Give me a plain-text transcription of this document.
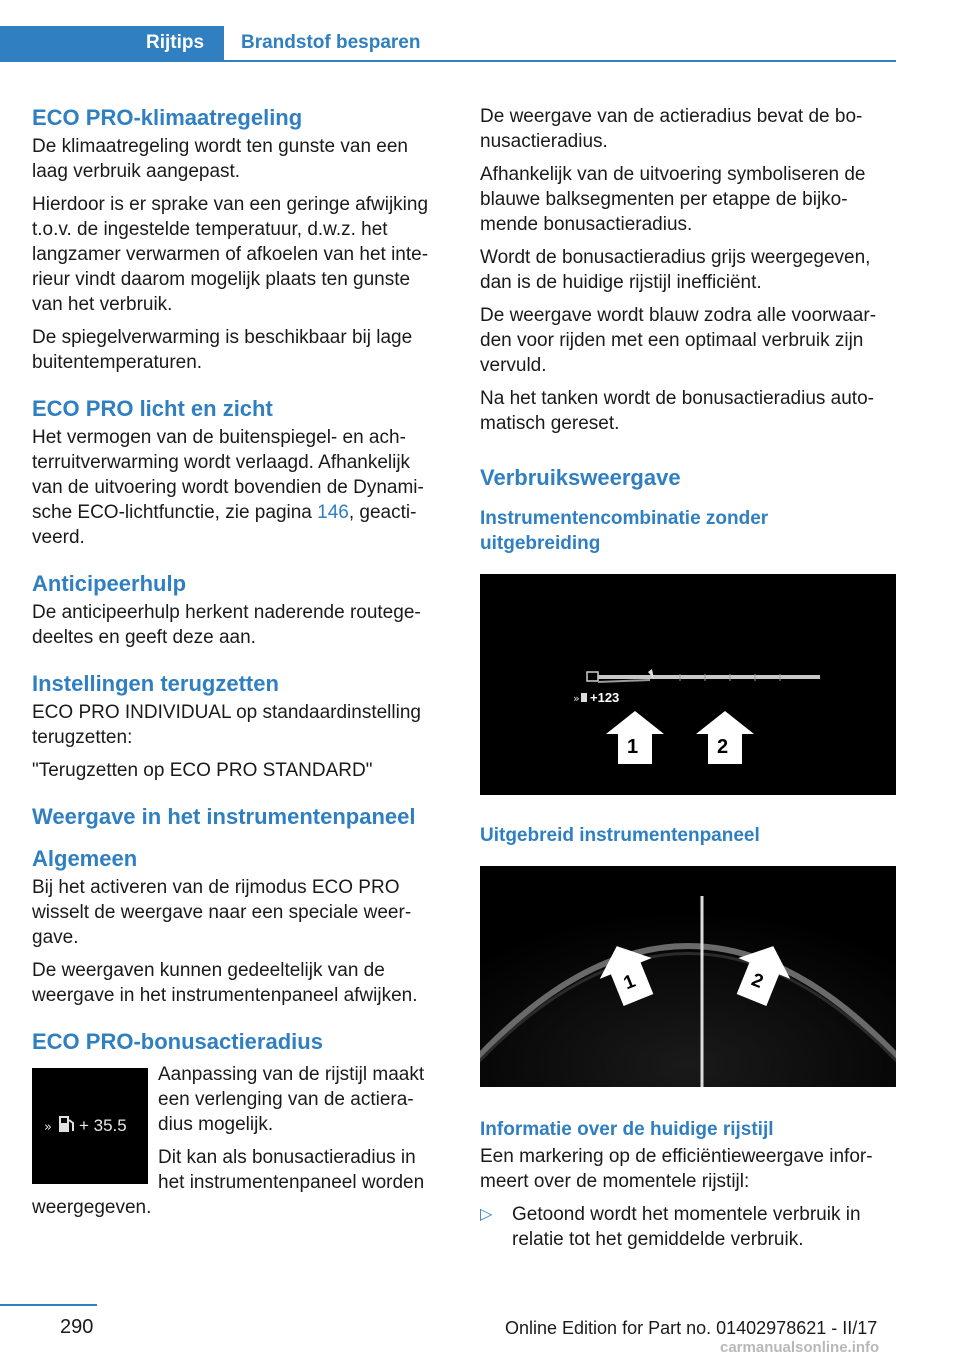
Rijtips	Brandstof besparen
ECO PRO-klimaatregeling
De klimaatregeling wordt ten gunste van een
laag verbruik aangepast.
Hierdoor is er sprake van een geringe afwijking
t.o.v. de ingestelde temperatuur, d.w.z. het
langzamer verwarmen of afkoelen van het inte‐
rieur vindt daarom mogelijk plaats ten gunste
van het verbruik.
De spiegelverwarming is beschikbaar bij lage
buitentemperaturen.
ECO PRO licht en zicht
Het vermogen van de buitenspiegel- en ach‐
terruitverwarming wordt verlaagd. Afhankelijk
van de uitvoering wordt bovendien de Dynami‐
sche ECO-lichtfunctie, zie pagina 146, geacti‐
veerd.
Anticipeerhulp
De anticipeerhulp herkent naderende routege‐
deeltes en geeft deze aan.
Instellingen terugzetten
ECO PRO INDIVIDUAL op standaardinstelling
terugzetten:
"Terugzetten op ECO PRO STANDARD"
Weergave in het instrumentenpaneel
Algemeen
Bij het activeren van de rijmodus ECO PRO
wisselt de weergave naar een speciale weer‐
gave.
De weergaven kunnen gedeeltelijk van de
weergave in het instrumentenpaneel afwijken.
ECO PRO-bonusactieradius
» + 35.5
Aanpassing van de rijstijl maakt
een verlenging van de actiera‐
dius mogelijk.
Dit kan als bonusactieradius in
het instrumentenpaneel worden
weergegeven.
De weergave van de actieradius bevat de bo‐
nusactieradius.
Afhankelijk van de uitvoering symboliseren de
blauwe balksegmenten per etappe de bijko‐
mende bonusactieradius.
Wordt de bonusactieradius grijs weergegeven,
dan is de huidige rijstijl inefficiënt.
De weergave wordt blauw zodra alle voorwaar‐
den voor rijden met een optimaal verbruik zijn
vervuld.
Na het tanken wordt de bonusactieradius auto‐
matisch gereset.
Verbruiksweergave
Instrumentencombinatie zonder
uitgebreiding
» +123
1	2
Uitgebreid instrumentenpaneel
1	2
Informatie over de huidige rijstijl
Een markering op de efficiëntieweergave infor‐
meert over de momentele rijstijl:
▷ Getoond wordt het momentele verbruik in
relatie tot het gemiddelde verbruik.
290	Online Edition for Part no. 01402978621 - II/17
carmanualsonline.info
